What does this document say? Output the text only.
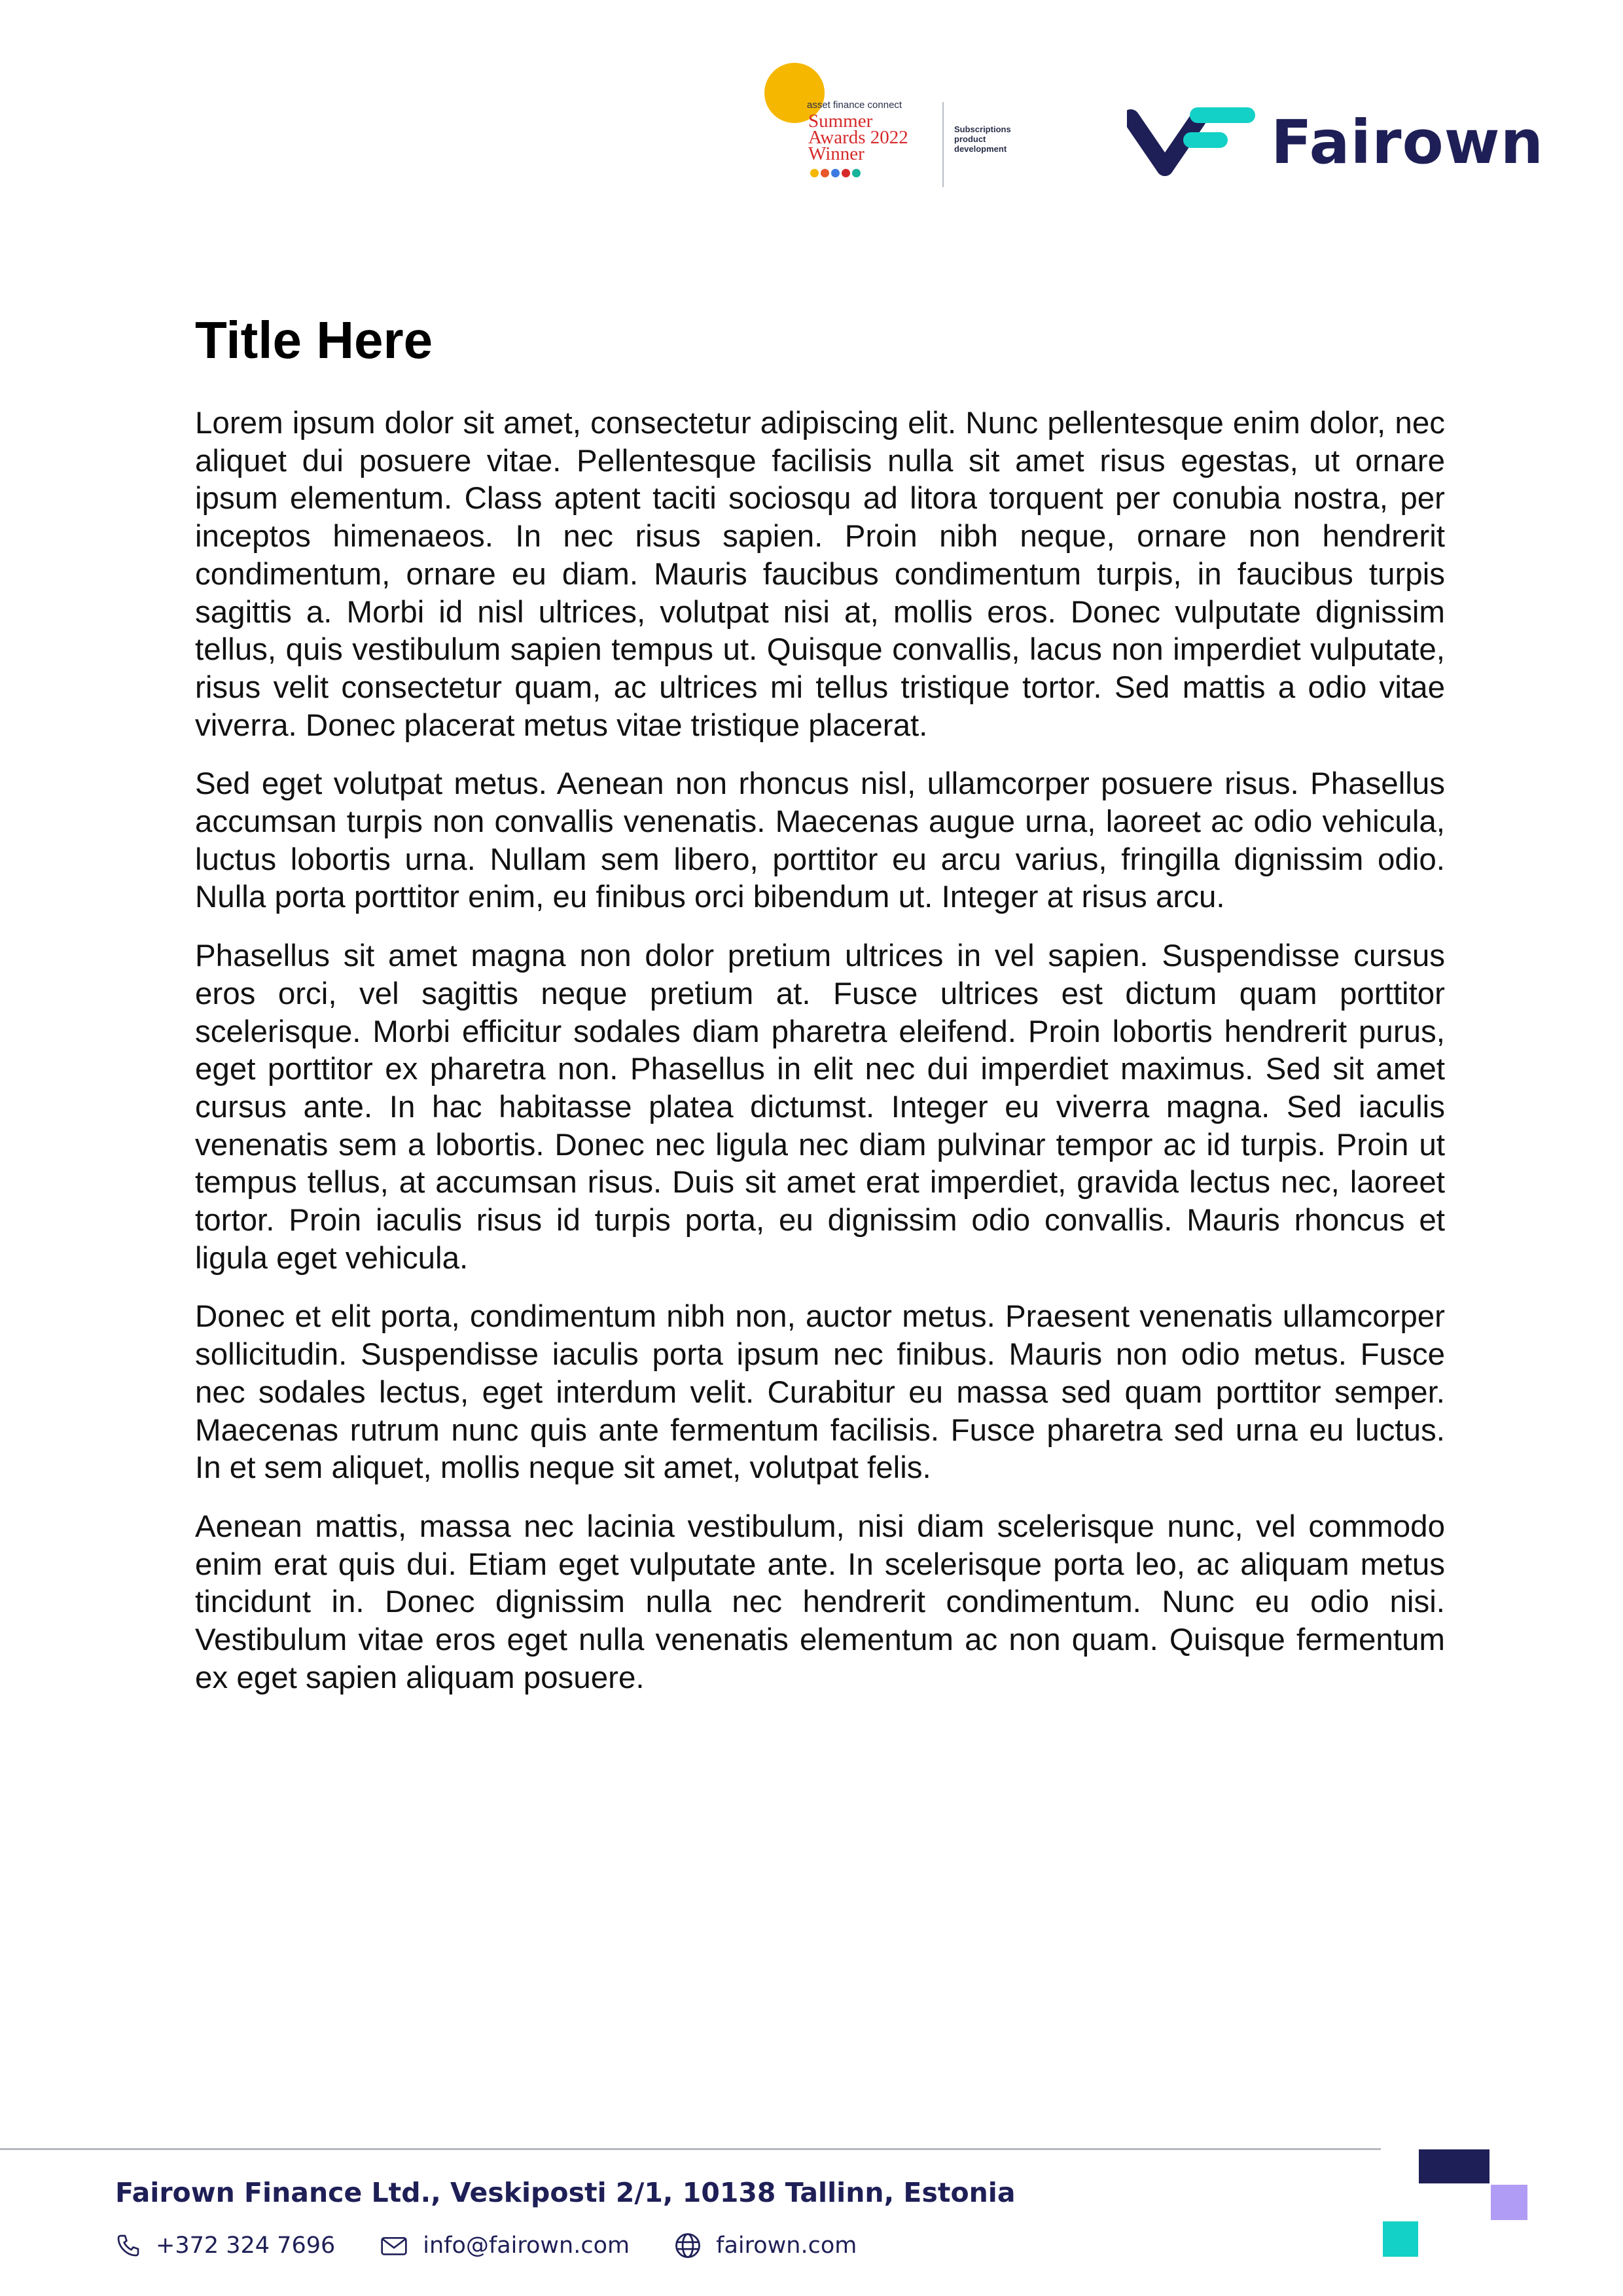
asset finance connect
Summer
Awards 2022
Winner
Subscriptions
product
development	Fairown
Title Here

Lorem ipsum dolor sit amet, consectetur adipiscing elit. Nunc pellentesque enim dolor, nec aliquet dui posuere vitae. Pellentesque facilisis nulla sit amet risus egestas, ut ornare ipsum elementum. Class aptent taciti sociosqu ad litora torquent per conubia nostra, per inceptos himenaeos. In nec risus sapien. Proin nibh neque, ornare non hendrerit condimentum, ornare eu diam. Mauris faucibus condimentum turpis, in faucibus turpis sagittis a. Morbi id nisl ultrices, volutpat nisi at, mollis eros. Donec vulputate dignissim tellus, quis vestibulum sapien tempus ut. Quisque convallis, lacus non imperdiet vulputate, risus velit consectetur quam, ac ultrices mi tellus tristique tortor. Sed mattis a odio vitae viverra. Donec placerat metus vitae tristique placerat.

Sed eget volutpat metus. Aenean non rhoncus nisl, ullamcorper posuere risus. Phasellus accumsan turpis non convallis venenatis. Maecenas augue urna, laoreet ac odio vehicula, luctus lobortis urna. Nullam sem libero, porttitor eu arcu varius, fringilla dignissim odio. Nulla porta porttitor enim, eu finibus orci bibendum ut. Integer at risus arcu.

Phasellus sit amet magna non dolor pretium ultrices in vel sapien. Suspendisse cursus eros orci, vel sagittis neque pretium at. Fusce ultrices est dictum quam porttitor scelerisque. Morbi efficitur sodales diam pharetra eleifend. Proin lobortis hendrerit purus, eget porttitor ex pharetra non. Phasellus in elit nec dui imperdiet maximus. Sed sit amet cursus ante. In hac habitasse platea dictumst. Integer eu viverra magna. Sed iaculis venenatis sem a lobortis. Donec nec ligula nec diam pulvinar tempor ac id turpis. Proin ut tempus tellus, at accumsan risus. Duis sit amet erat imperdiet, gravida lectus nec, laoreet tortor. Proin iaculis risus id turpis porta, eu dignissim odio convallis. Mauris rhoncus et ligula eget vehicula.

Donec et elit porta, condimentum nibh non, auctor metus. Praesent venenatis ullamcorper sollicitudin. Suspendisse iaculis porta ipsum nec finibus. Mauris non odio metus. Fusce nec sodales lectus, eget interdum velit. Curabitur eu massa sed quam porttitor semper. Maecenas rutrum nunc quis ante fermentum facilisis. Fusce pharetra sed urna eu luctus. In et sem aliquet, mollis neque sit amet, volutpat felis.

Aenean mattis, massa nec lacinia vestibulum, nisi diam scelerisque nunc, vel commodo enim erat quis dui. Etiam eget vulputate ante. In scelerisque porta leo, ac aliquam metus tincidunt in. Donec dignissim nulla nec hendrerit condimentum. Nunc eu odio nisi. Vestibulum vitae eros eget nulla venenatis elementum ac non quam. Quisque fermentum ex eget sapien aliquam posuere.

Fairown Finance Ltd., Veskiposti 2/1, 10138 Tallinn, Estonia
+372 324 7696	info@fairown.com	fairown.com
